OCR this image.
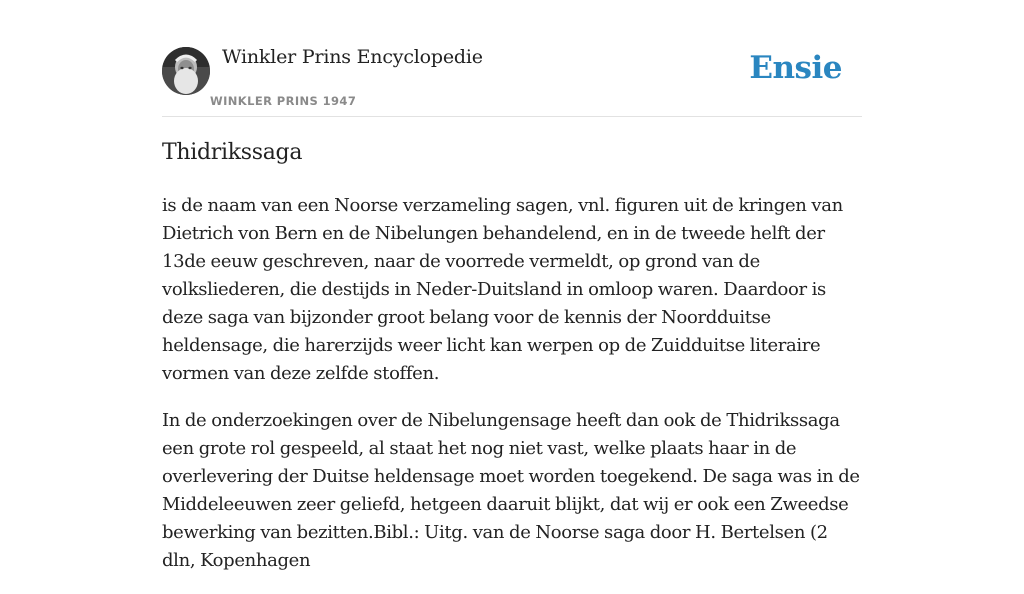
Winkler Prins Encyclopedie
WINKLER PRINS 1947
Ensie
Thidrikssaga

is de naam van een Noorse verzameling sagen, vnl. figuren uit de kringen van Dietrich von Bern en de Nibelungen behandelend, en in de tweede helft der 13de eeuw geschreven, naar de voorrede vermeldt, op grond van de volksliederen, die destijds in Neder-Duitsland in omloop waren. Daardoor is deze saga van bijzonder groot belang voor de kennis der Noordduitse heldensage, die harerzijds weer licht kan werpen op de Zuidduitse literaire vormen van deze zelfde stoffen.

In de onderzoekingen over de Nibelungensage heeft dan ook de Thidrikssaga een grote rol gespeeld, al staat het nog niet vast, welke plaats haar in de overlevering der Duitse heldensage moet worden toegekend. De saga was in de Middeleeuwen zeer geliefd, hetgeen daaruit blijkt, dat wij er ook een Zweedse bewerking van bezitten.Bibl.: Uitg. van de Noorse saga door H. Bertelsen (2 dln, Kopenhagen
